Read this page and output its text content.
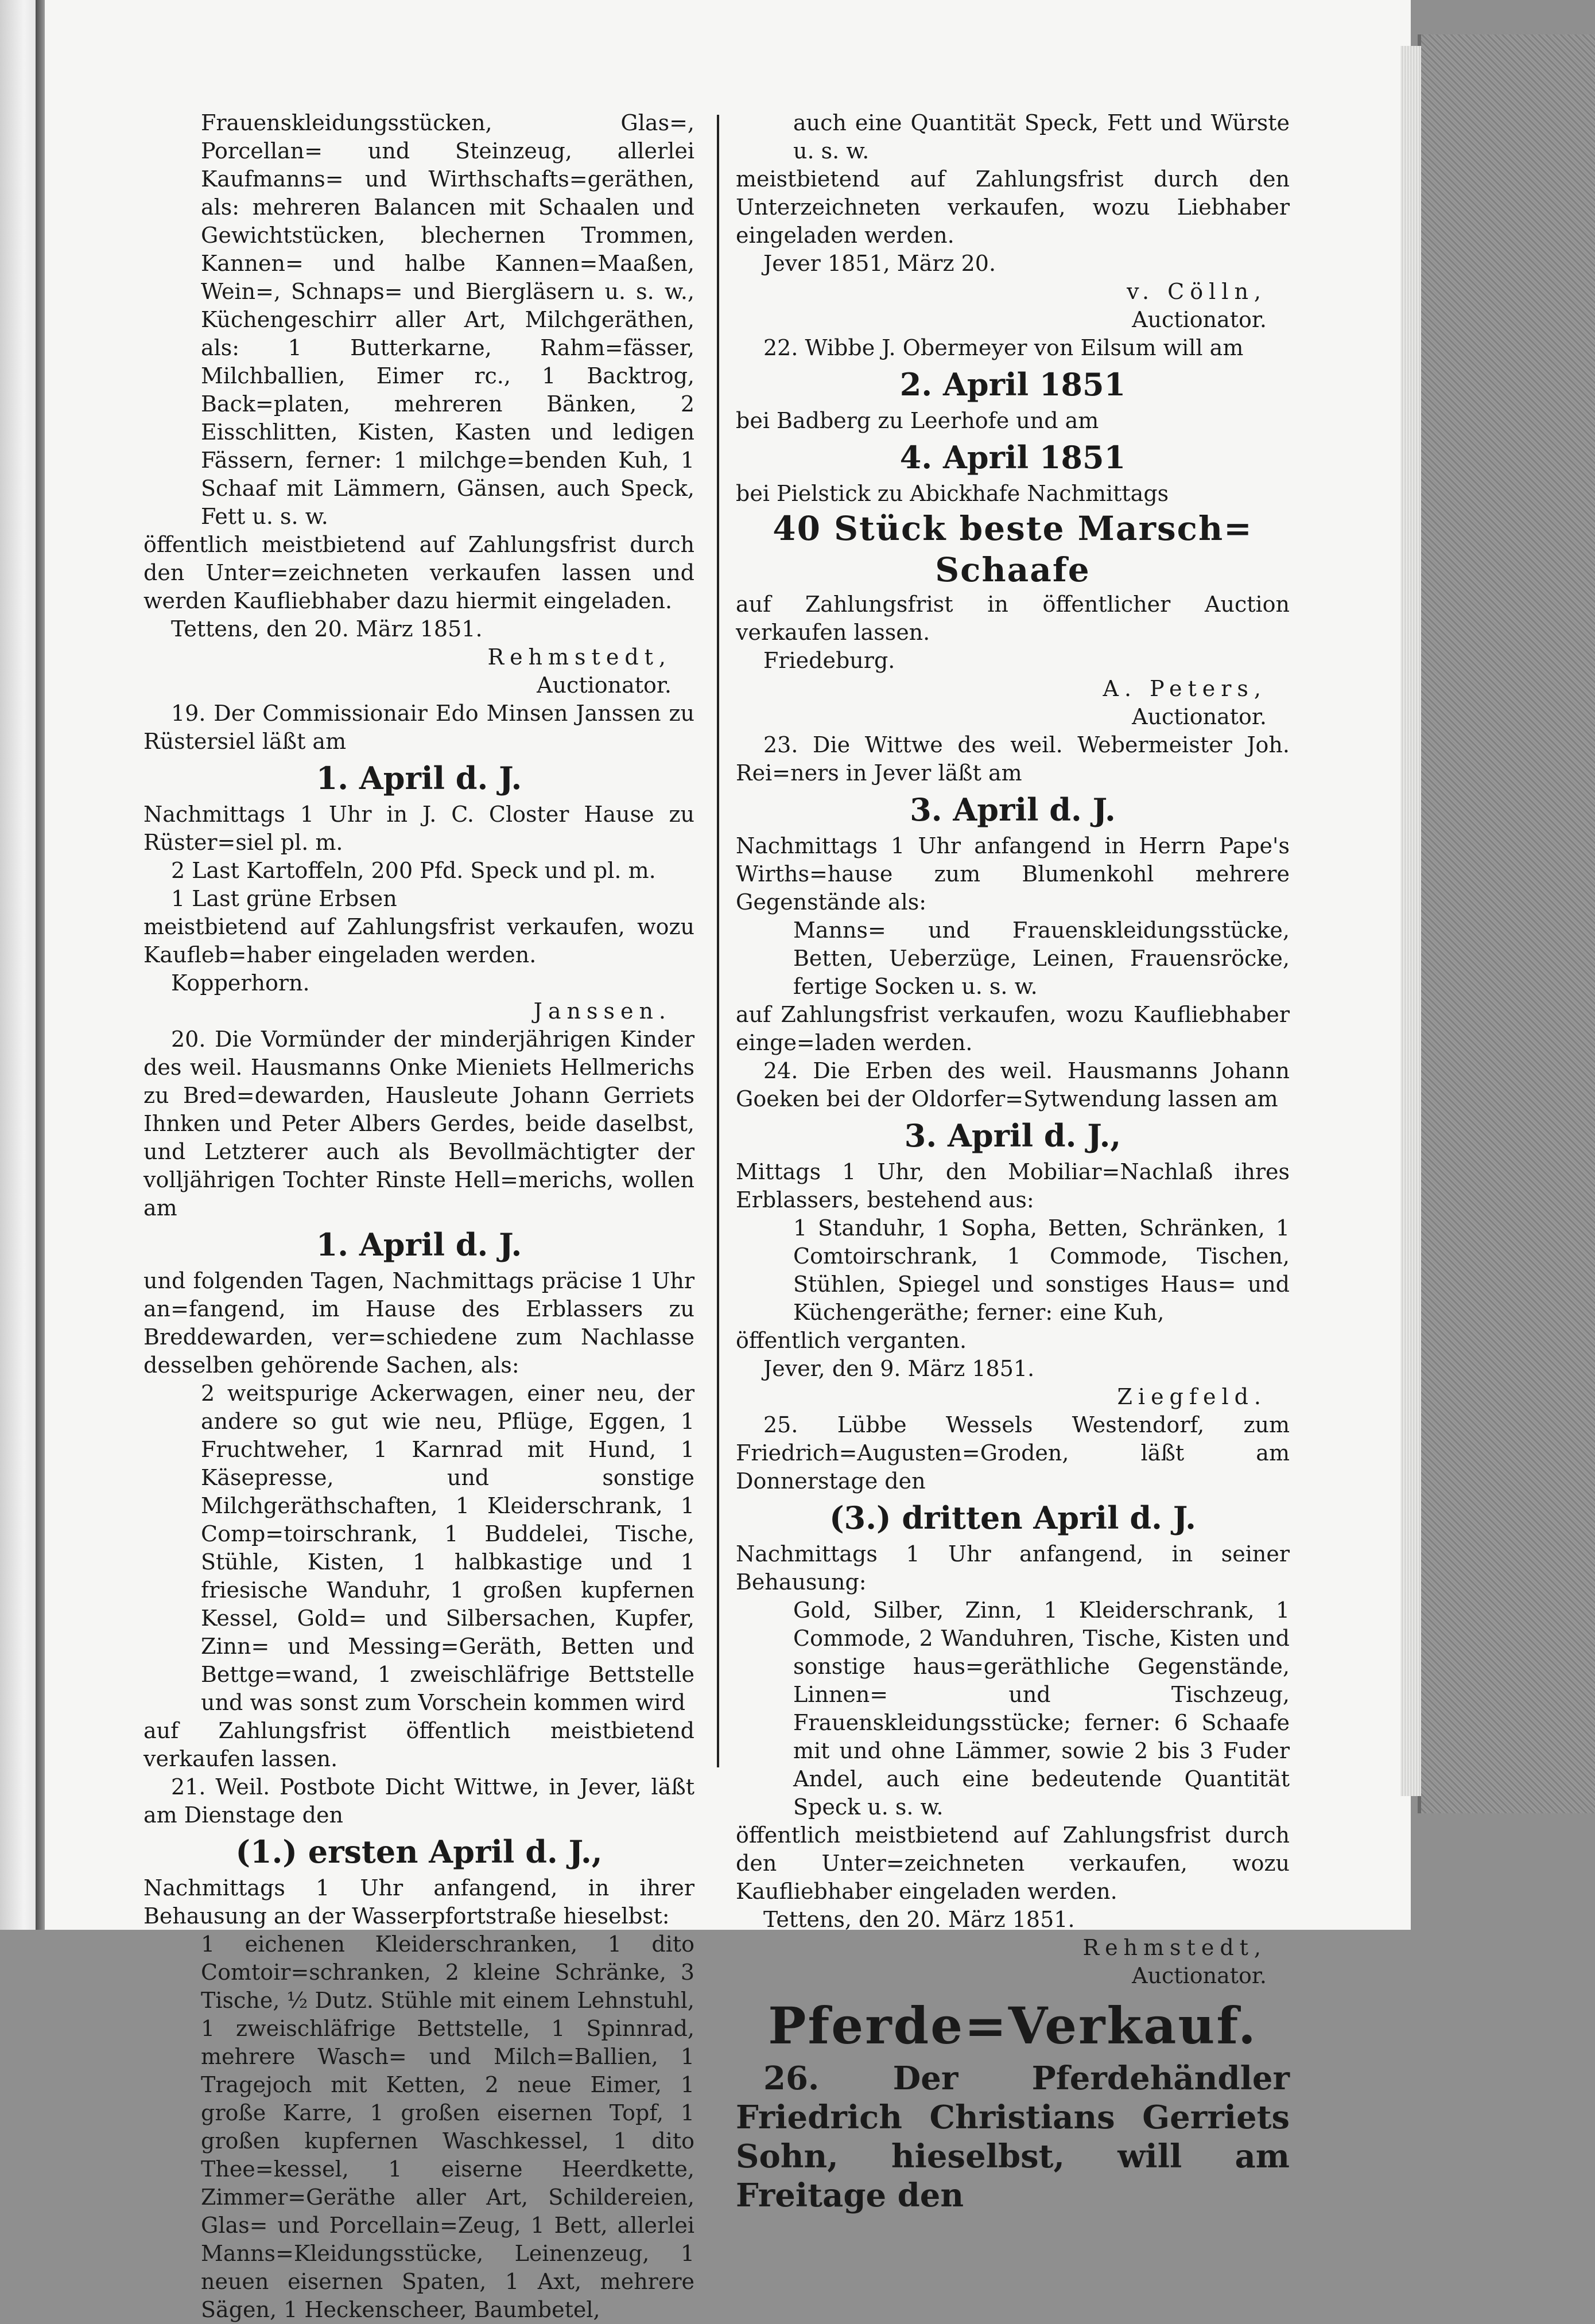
Frauenskleidungsstücken, Glas=, Porcellan= und Steinzeug, allerlei Kaufmanns= und Wirthschafts=geräthen, als: mehreren Balancen mit Schaalen und Gewichtstücken, blechernen Trommen, Kannen= und halbe Kannen=Maaßen, Wein=, Schnaps= und Biergläsern u. s. w., Küchengeschirr aller Art, Milchgeräthen, als: 1 Butterkarne, Rahm=fässer, Milchballien, Eimer rc., 1 Backtrog, Back=platen, mehreren Bänken, 2 Eisschlitten, Kisten, Kasten und ledigen Fässern, ferner: 1 milchge=benden Kuh, 1 Schaaf mit Lämmern, Gänsen, auch Speck, Fett u. s. w.

öffentlich meistbietend auf Zahlungsfrist durch den Unter=zeichneten verkaufen lassen und werden Kaufliebhaber dazu hiermit eingeladen.

Tettens, den 20. März 1851.

Rehmstedt,

Auctionator.

19. Der Commissionair Edo Minsen Janssen zu Rüstersiel läßt am

1. April d. J.

Nachmittags 1 Uhr in J. C. Closter Hause zu Rüster=siel pl. m.

2 Last Kartoffeln, 200 Pfd. Speck und pl. m.

1 Last grüne Erbsen

meistbietend auf Zahlungsfrist verkaufen, wozu Kaufleb=haber eingeladen werden.

Kopperhorn.

Janssen.

20. Die Vormünder der minderjährigen Kinder des weil. Hausmanns Onke Mieniets Hellmerichs zu Bred=dewarden, Hausleute Johann Gerriets Ihnken und Peter Albers Gerdes, beide daselbst, und Letzterer auch als Bevollmächtigter der volljährigen Tochter Rinste Hell=merichs, wollen am

1. April d. J.

und folgenden Tagen, Nachmittags präcise 1 Uhr an=fangend, im Hause des Erblassers zu Breddewarden, ver=schiedene zum Nachlasse desselben gehörende Sachen, als:

2 weitspurige Ackerwagen, einer neu, der andere so gut wie neu, Pflüge, Eggen, 1 Fruchtweher, 1 Karnrad mit Hund, 1 Käsepresse, und sonstige Milchgeräthschaften, 1 Kleiderschrank, 1 Comp=toirschrank, 1 Buddelei, Tische, Stühle, Kisten, 1 halbkastige und 1 friesische Wanduhr, 1 großen kupfernen Kessel, Gold= und Silbersachen, Kupfer, Zinn= und Messing=Geräth, Betten und Bettge=wand, 1 zweischläfrige Bettstelle und was sonst zum Vorschein kommen wird

auf Zahlungsfrist öffentlich meistbietend verkaufen lassen.

21. Weil. Postbote Dicht Wittwe, in Jever, läßt am Dienstage den

(1.) ersten April d. J.,

Nachmittags 1 Uhr anfangend, in ihrer Behausung an der Wasserpfortstraße hieselbst:

1 eichenen Kleiderschranken, 1 dito Comtoir=schranken, 2 kleine Schränke, 3 Tische, ½ Dutz. Stühle mit einem Lehnstuhl, 1 zweischläfrige Bettstelle, 1 Spinnrad, mehrere Wasch= und Milch=Ballien, 1 Tragejoch mit Ketten, 2 neue Eimer, 1 große Karre, 1 großen eisernen Topf, 1 großen kupfernen Waschkessel, 1 dito Thee=kessel, 1 eiserne Heerdkette, Zimmer=Geräthe aller Art, Schildereien, Glas= und Porcellain=Zeug, 1 Bett, allerlei Manns=Kleidungsstücke, Leinenzeug, 1 neuen eisernen Spaten, 1 Axt, mehrere Sägen, 1 Heckenscheer, Baumbetel,

auch eine Quantität Speck, Fett und Würste u. s. w.

meistbietend auf Zahlungsfrist durch den Unterzeichneten verkaufen, wozu Liebhaber eingeladen werden.

Jever 1851, März 20.

v. Cölln,

Auctionator.

22. Wibbe J. Obermeyer von Eilsum will am

2. April 1851

bei Badberg zu Leerhofe und am

4. April 1851

bei Pielstick zu Abickhafe Nachmittags

40 Stück beste Marsch=

Schaafe

auf Zahlungsfrist in öffentlicher Auction verkaufen lassen.

Friedeburg.

A. Peters,

Auctionator.

23. Die Wittwe des weil. Webermeister Joh. Rei=ners in Jever läßt am

3. April d. J.

Nachmittags 1 Uhr anfangend in Herrn Pape's Wirths=hause zum Blumenkohl mehrere Gegenstände als:

Manns= und Frauenskleidungsstücke, Betten, Ueberzüge, Leinen, Frauensröcke, fertige Socken u. s. w.

auf Zahlungsfrist verkaufen, wozu Kaufliebhaber einge=laden werden.

24. Die Erben des weil. Hausmanns Johann Goeken bei der Oldorfer=Sytwendung lassen am

3. April d. J.,

Mittags 1 Uhr, den Mobiliar=Nachlaß ihres Erblassers, bestehend aus:

1 Standuhr, 1 Sopha, Betten, Schränken, 1 Comtoirschrank, 1 Commode, Tischen, Stühlen, Spiegel und sonstiges Haus= und Küchengeräthe; ferner: eine Kuh,

öffentlich verganten.

Jever, den 9. März 1851.

Ziegfeld.

25. Lübbe Wessels Westendorf, zum Friedrich=Augusten=Groden, läßt am Donnerstage den

(3.) dritten April d. J.

Nachmittags 1 Uhr anfangend, in seiner Behausung:

Gold, Silber, Zinn, 1 Kleiderschrank, 1 Commode, 2 Wanduhren, Tische, Kisten und sonstige haus=geräthliche Gegenstände, Linnen= und Tischzeug, Frauenskleidungsstücke; ferner: 6 Schaafe mit und ohne Lämmer, sowie 2 bis 3 Fuder Andel, auch eine bedeutende Quantität Speck u. s. w.

öffentlich meistbietend auf Zahlungsfrist durch den Unter=zeichneten verkaufen, wozu Kaufliebhaber eingeladen werden.

Tettens, den 20. März 1851.

Rehmstedt,

Auctionator.

Pferde=Verkauf.

26. Der Pferdehändler Friedrich Christians Gerriets Sohn, hieselbst, will am Freitage den
